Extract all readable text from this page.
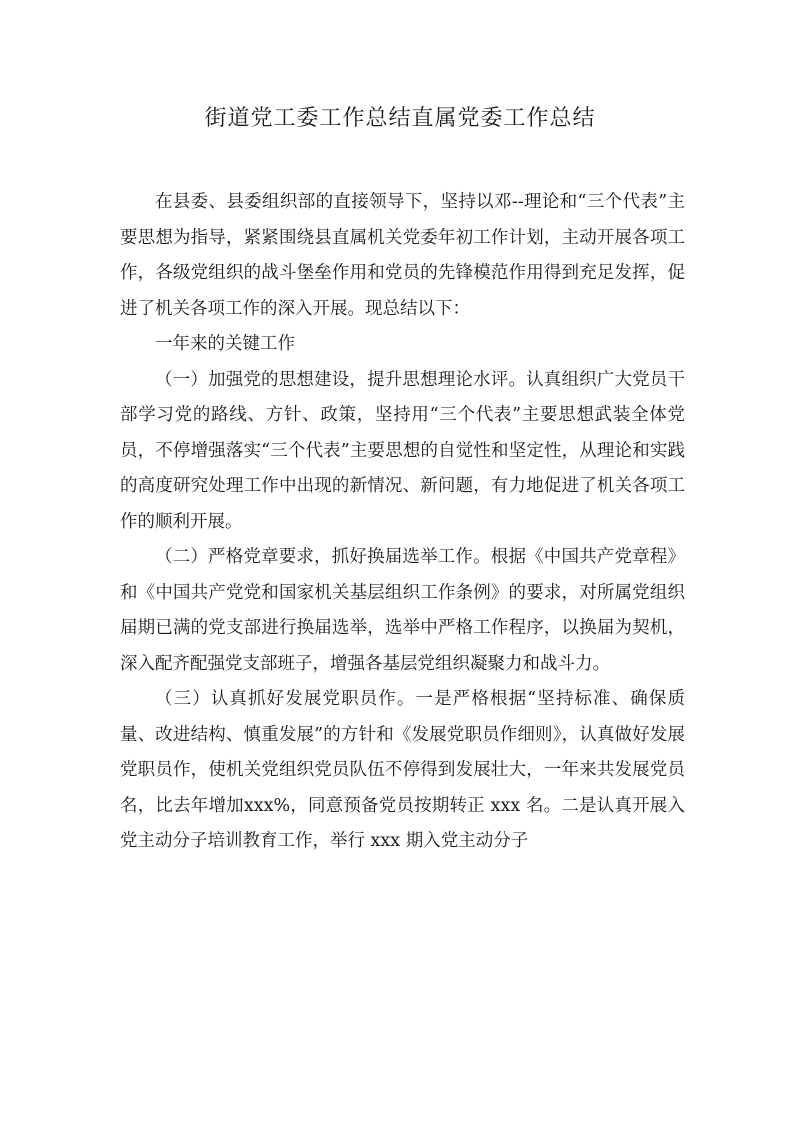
街道党工委工作总结直属党委工作总结

在县委、县委组织部的直接领导下，坚持以邓--理论和“三个代表”主要思想为指导，紧紧围绕县直属机关党委年初工作计划，主动开展各项工作，各级党组织的战斗堡垒作用和党员的先锋模范作用得到充足发挥，促进了机关各项工作的深入开展。现总结以下：

一年来的关键工作

（一）加强党的思想建设，提升思想理论水评。认真组织广大党员干部学习党的路线、方针、政策，坚持用“三个代表”主要思想武装全体党员，不停增强落实“三个代表”主要思想的自觉性和坚定性，从理论和实践的高度研究处理工作中出现的新情况、新问题，有力地促进了机关各项工作的顺利开展。

（二）严格党章要求，抓好换届选举工作。根据《中国共产党章程》和《中国共产党党和国家机关基层组织工作条例》的要求，对所属党组织届期已满的党支部进行换届选举，选举中严格工作程序，以换届为契机，深入配齐配强党支部班子，增强各基层党组织凝聚力和战斗力。

（三）认真抓好发展党职员作。一是严格根据“坚持标准、确保质量、改进结构、慎重发展”的方针和《发展党职员作细则》，认真做好发展党职员作，使机关党组织党员队伍不停得到发展壮大，一年来共发展党员 名，比去年增加xxx%，同意预备党员按期转正 xxx 名。二是认真开展入党主动分子培训教育工作，举行 xxx 期入党主动分子
